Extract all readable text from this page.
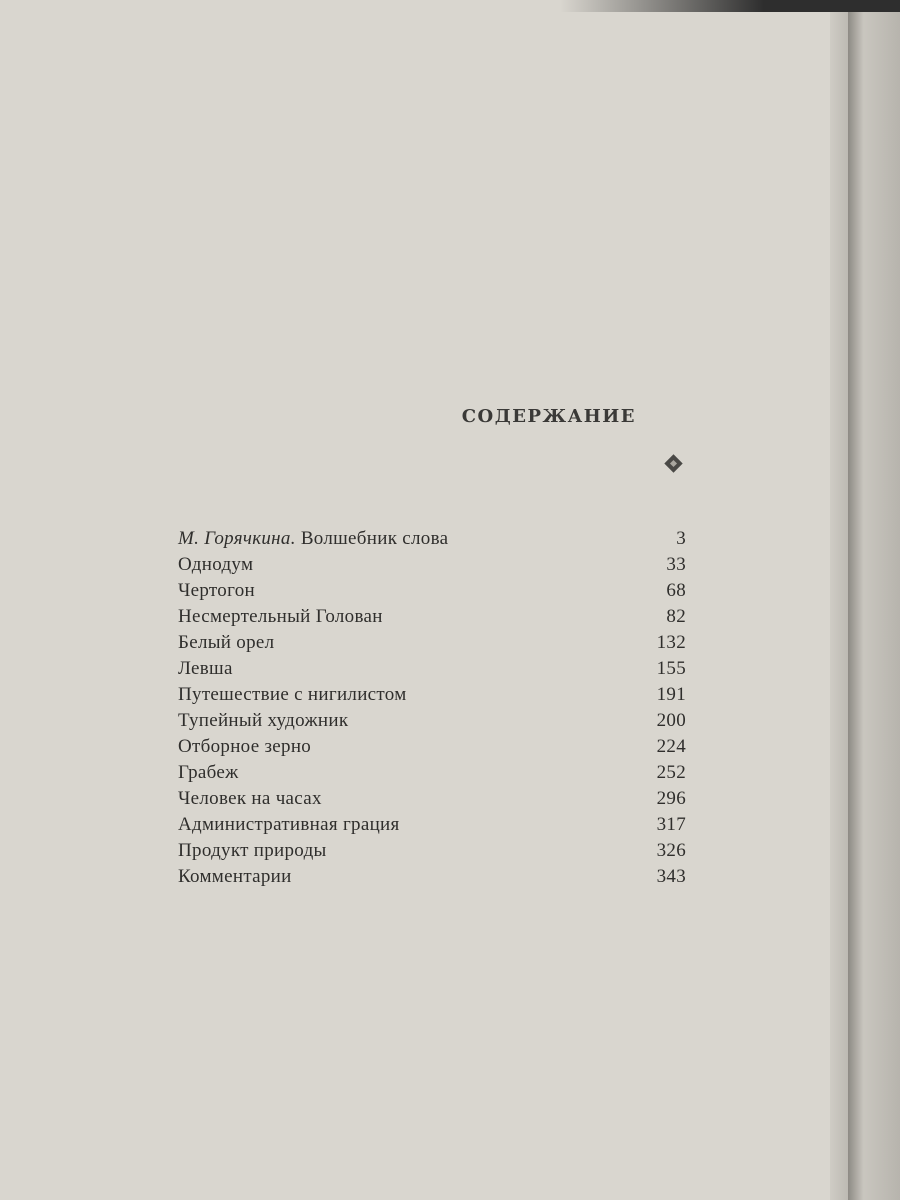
СОДЕРЖАНИЕ
М. Горячкина. Волшебник слова	3
Однодум	33
Чертогон	68
Несмертельный Голован	82
Белый орел	132
Левша	155
Путешествие с нигилистом	191
Тупейный художник	200
Отборное зерно	224
Грабеж	252
Человек на часах	296
Административная грация	317
Продукт природы	326
Комментарии	343
